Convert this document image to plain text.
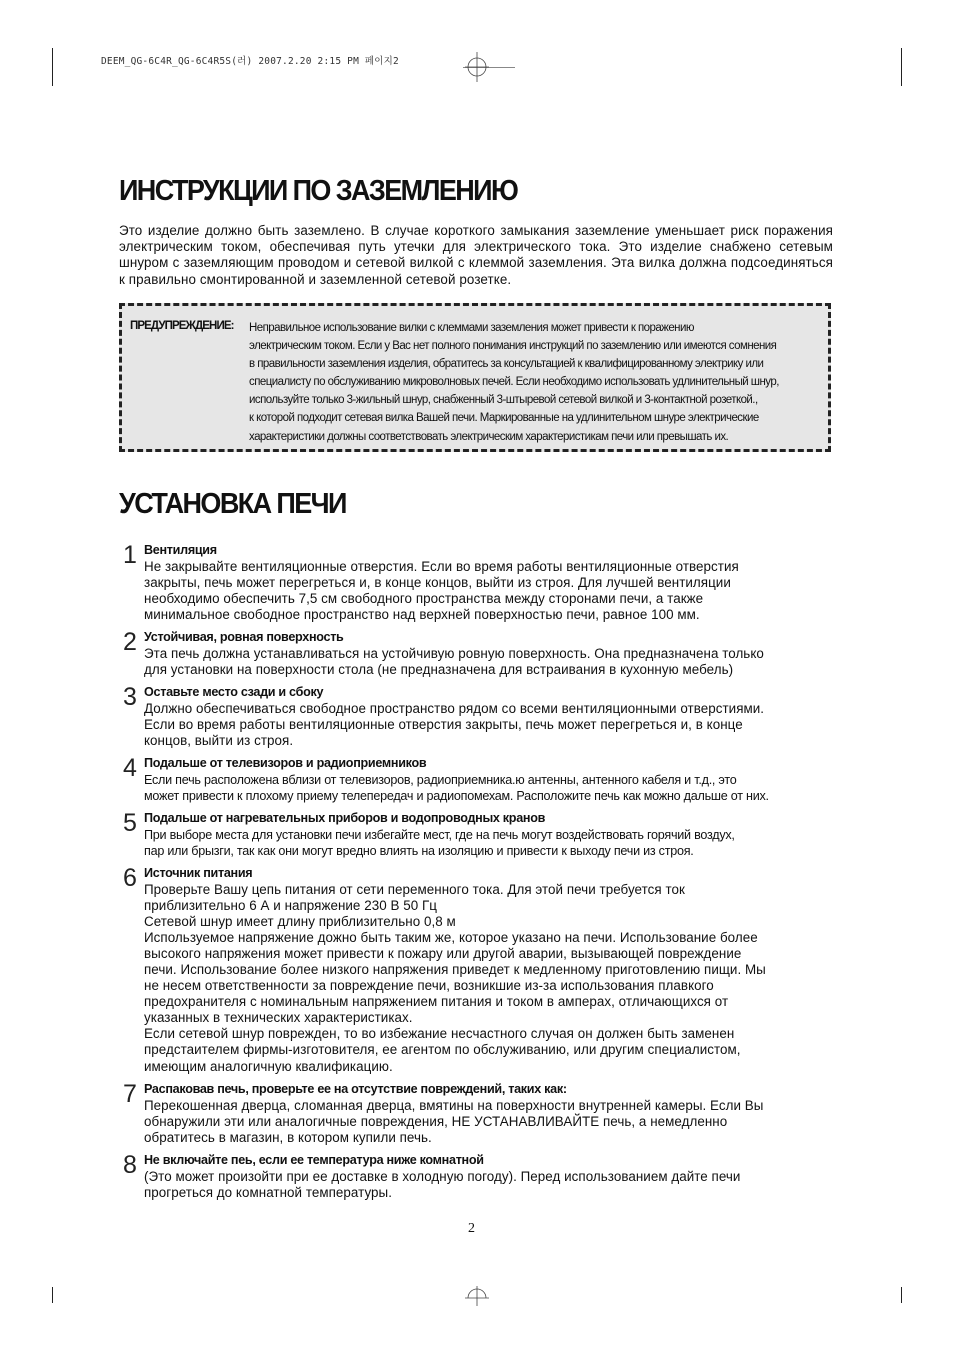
DEEM_QG-6C4R_QG-6C4R5S(러) 2007.2.20 2:15 PM 페이지2
ИНСТРУКЦИИ ПО ЗАЗЕМЛЕНИЮ
Это изделие должно быть заземлено. В случае короткого замыкания заземление уменьшает риск поражения электрическим током, обеспечивая путь утечки для электрического тока. Это изделие снабжено сетевым шнуром с заземляющим проводом и сетевой вилкой с клеммой заземления. Эта вилка должна подсоединяться к правильно смонтированной и заземленной сетевой розетке.
ПРЕДУПРЕЖДЕНИЕ: Неправильное использование вилки с клеммами заземления может привести к поражению
электрическим током. Если у Вас нет полного понимания инструкций по заземлению или имеются сомнения
в правильности заземления изделия, обратитесь за консультацией к квалифицированному электрику или
специалисту по обслуживанию микроволновых печей. Если необходимо использовать удлинительный шнур,
используйте только 3-жильный шнур, снабженный 3-штыревой сетевой вилкой и 3-контактной розеткой.,
к которой подходит сетевая вилка Вашей печи. Маркированные на удлинительном шнуре электрические
характеристики должны соответствовать электрическим характеристикам печи или превышать их.
УСТАНОВКА ПЕЧИ
1 Вентиляция
Не закрывайте вентиляционные отверстия. Если во время работы вентиляционные отверстия
закрыты, печь может перегреться и, в конце концов, выйти из строя. Для лучшей вентиляции
необходимо обеспечить 7,5 см свободного пространства между сторонами печи, а также
минимальное свободное пространство над верхней поверхностью печи, равное 100 мм.
2 Устойчивая, ровная поверхность
Эта печь должна устанавливаться на устойчивую ровную поверхность. Она предназначена только
для установки на поверхности стола (не предназначена для встраивания в кухонную мебель)
3 Оставьте место сзади и сбоку
Должно обеспечиваться свободное пространство рядом со всеми вентиляционными отверстиями.
Если во время работы вентиляционные отверстия закрыты, печь может перегреться и, в конце
концов, выйти из строя.
4 Подальше от телевизоров и радиоприемников
Если печь расположена вблизи от телевизоров, радиоприемника.ю антенны, антенного кабеля и т.д., это
может привести к плохому приему телепередач и радиопомехам. Расположите печь как можно дальше от них.
5 Подальше от нагревательных приборов и водопроводных кранов
При выборе места для установки печи избегайте мест, где на печь могут воздействовать горячий воздух,
пар или брызги, так как они могут вредно влиять на изоляцию и привести к выходу печи из строя.
6 Источник питания
Проверьте Вашу цепь питания от сети переменного тока. Для этой печи требуется ток
приблизительно 6 А и напряжение 230 В 50 Гц
Сетевой шнур имеет длину приблизительно 0,8 м
Используемое напряжение дожно быть таким же, которое указано на печи. Использование более
высокого напряжения может привести к пожару или другой аварии, вызывающей повреждение
печи. Использование более низкого напряжения приведет к медленному приготовлению пищи. Мы
не несем ответственности за повреждение печи, возникшие из-за использования плавкого
предохранителя с номинальным напряжением питания и током в амперах, отличающихся от
указанных в технических характеристиках.
Если сетевой шнур поврежден, то во избежание несчастного случая он должен быть заменен
предстаителем фирмы-изготовителя, ее агентом по обслуживанию, или другим специалистом,
имеющим аналогичную квалификацию.
7 Распаковав печь, проверьте ее на отсутствие повреждений, таких как:
Перекошенная дверца, сломанная дверца, вмятины на поверхности внутренней камеры. Если Вы
обнаружили эти или аналогичные повреждения, НЕ УСТАНАВЛИВАЙТЕ печь, а немедленно
обратитесь в магазин, в котором купили печь.
8 Не включайте пеь, если ее температура ниже комнатной
(Это может произойти при ее доставке в холодную погоду). Перед использованием дайте печи
прогреться до комнатной температуры.
2
